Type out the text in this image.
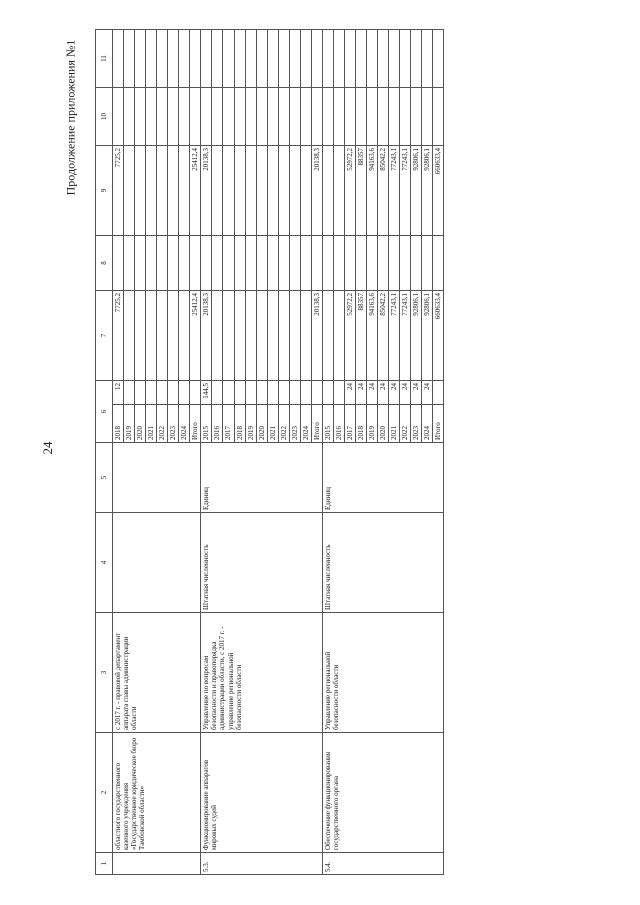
24
Продолжение приложения №1
1	2	3	4	5	6		7	8	9	10	11
	областного государственного казенного учреждения «Государственное юридическое бюро Тамбовской области»	с 2017 г. - правовой департамент аппарата главы администрации области			2018	12	7725,2		7725,2		
					2019						
					2020						
					2021						
					2022						
					2023						
					2024						
					Итого		25412,4		25412,4		
5.3.	Функционирование аппаратов мировых судей	Управление по вопросам безопасности и правопорядка администрации области, с 2017 г. - управление региональной безопасности области	Штатная численность	Единиц	2015	144,5	20138,3		20138,3		
					2016						
					2017						
					2018						
					2019						
					2020						
					2021						
					2022						
					2023						
					2024						
					Итого		20138,3		20138,3		
5.4.	Обеспечение функционирования государственного органа	Управление региональной безопасности области	Штатная численность	Единиц	2015						
					2016						
					2017	24	52972,2		52972,2		
					2018	24	88357		88357		
					2019	24	94163,6		94163,6		
					2020	24	85042,2		85042,2		
					2021	24	77243,1		77243,1		
					2022	24	77243,1		77243,1		
					2023	24	92806,1		92806,1		
					2024	24	92806,1		92806,1		
					Итого		660633,4		660633,4		
